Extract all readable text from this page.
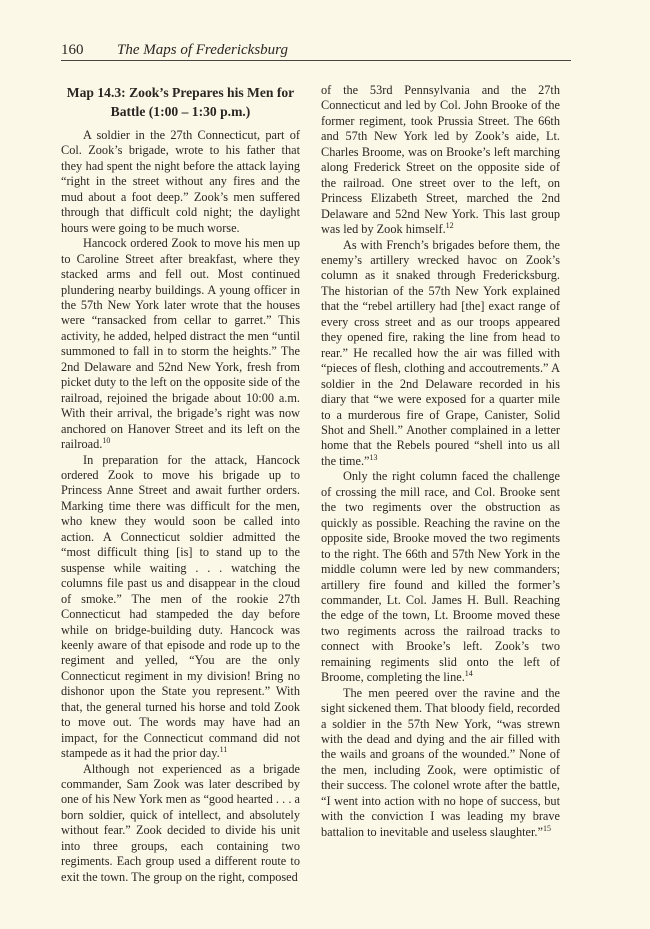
160 The Maps of Fredericksburg
Map 14.3: Zook’s Prepares his Men for Battle (1:00 – 1:30 p.m.)

A soldier in the 27th Connecticut, part of Col. Zook’s brigade, wrote to his father that they had spent the night before the attack laying “right in the street without any fires and the mud about a foot deep.” Zook’s men suffered through that difficult cold night; the daylight hours were going to be much worse.

Hancock ordered Zook to move his men up to Caroline Street after breakfast, where they stacked arms and fell out. Most continued plundering nearby buildings. A young officer in the 57th New York later wrote that the houses were “ransacked from cellar to garret.” This activity, he added, helped distract the men “until summoned to fall in to storm the heights.” The 2nd Delaware and 52nd New York, fresh from picket duty to the left on the opposite side of the railroad, rejoined the brigade about 10:00 a.m. With their arrival, the brigade’s right was now anchored on Hanover Street and its left on the railroad.$^{10}$

In preparation for the attack, Hancock ordered Zook to move his brigade up to Princess Anne Street and await further orders. Marking time there was difficult for the men, who knew they would soon be called into action. A Connecticut soldier admitted the “most difficult thing [is] to stand up to the suspense while waiting . . . watching the columns file past us and disappear in the cloud of smoke.” The men of the rookie 27th Connecticut had stampeded the day before while on bridge-building duty. Hancock was keenly aware of that episode and rode up to the regiment and yelled, “You are the only Connecticut regiment in my division! Bring no dishonor upon the State you represent.” With that, the general turned his horse and told Zook to move out. The words may have had an impact, for the Connecticut command did not stampede as it had the prior day.$^{11}$

Although not experienced as a brigade commander, Sam Zook was later described by one of his New York men as “good hearted . . . a born soldier, quick of intellect, and absolutely without fear.” Zook decided to divide his unit into three groups, each containing two regiments. Each group used a different route to exit the town. The group on the right, composed

of the 53rd Pennsylvania and the 27th Connecticut and led by Col. John Brooke of the former regiment, took Prussia Street. The 66th and 57th New York led by Zook’s aide, Lt. Charles Broome, was on Brooke’s left marching along Frederick Street on the opposite side of the railroad. One street over to the left, on Princess Elizabeth Street, marched the 2nd Delaware and 52nd New York. This last group was led by Zook himself.$^{12}$

As with French’s brigades before them, the enemy’s artillery wrecked havoc on Zook’s column as it snaked through Fredericksburg. The historian of the 57th New York explained that the “rebel artillery had [the] exact range of every cross street and as our troops appeared they opened fire, raking the line from head to rear.” He recalled how the air was filled with “pieces of flesh, clothing and accoutrements.” A soldier in the 2nd Delaware recorded in his diary that “we were exposed for a quarter mile to a murderous fire of Grape, Canister, Solid Shot and Shell.” Another complained in a letter home that the Rebels poured “shell into us all the time.”$^{13}$

Only the right column faced the challenge of crossing the mill race, and Col. Brooke sent the two regiments over the obstruction as quickly as possible. Reaching the ravine on the opposite side, Brooke moved the two regiments to the right. The 66th and 57th New York in the middle column were led by new commanders; artillery fire found and killed the former’s commander, Lt. Col. James H. Bull. Reaching the edge of the town, Lt. Broome moved these two regiments across the railroad tracks to connect with Brooke’s left. Zook’s two remaining regiments slid onto the left of Broome, completing the line.$^{14}$

The men peered over the ravine and the sight sickened them. That bloody field, recorded a soldier in the 57th New York, “was strewn with the dead and dying and the air filled with the wails and groans of the wounded.” None of the men, including Zook, were optimistic of their success. The colonel wrote after the battle, “I went into action with no hope of success, but with the conviction I was leading my brave battalion to inevitable and useless slaughter.”$^{15}$
